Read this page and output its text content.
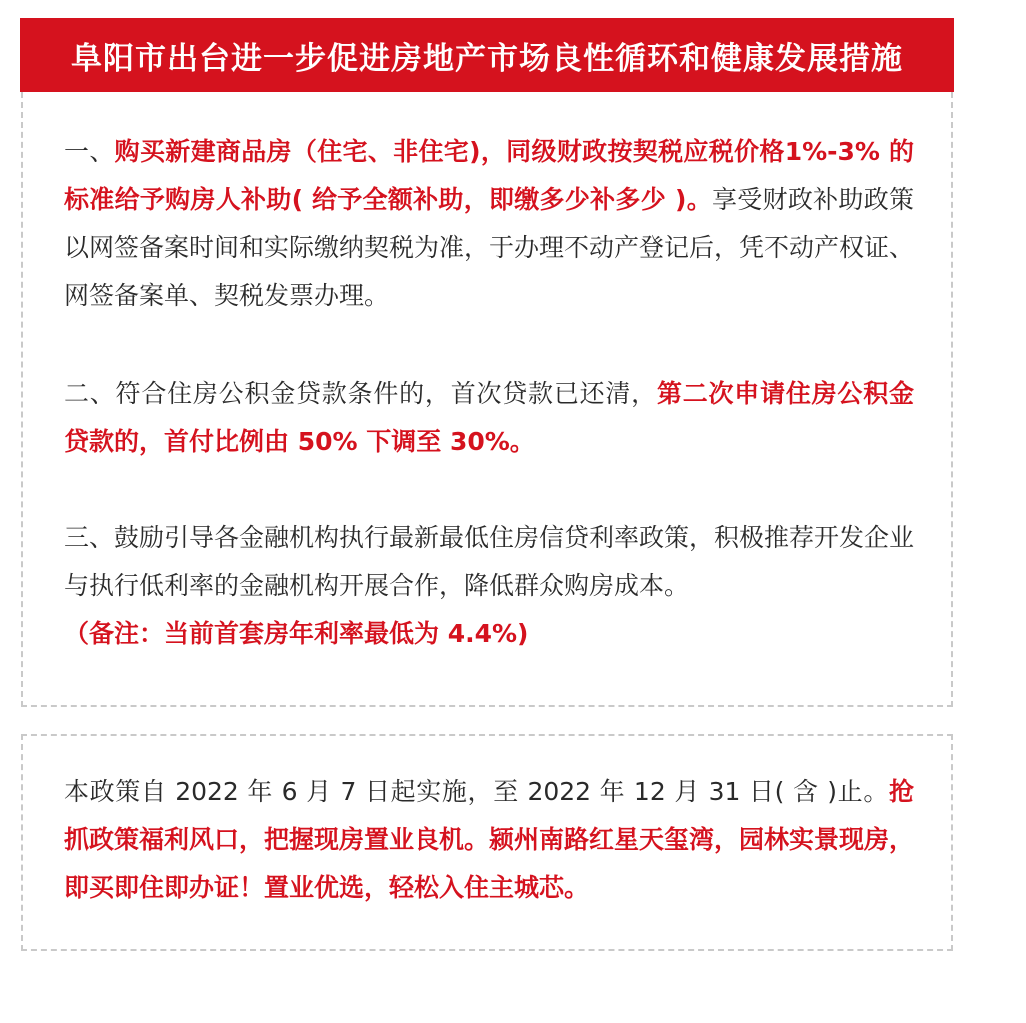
阜阳市出台进一步促进房地产市场良性循环和健康发展措施

一、购买新建商品房（住宅、非住宅)，同级财政按契税应税价格1%-3% 的标准给予购房人补助( 给予全额补助，即缴多少补多少 )。享受财政补助政策以网签备案时间和实际缴纳契税为准，于办理不动产登记后，凭不动产权证、网签备案单、契税发票办理。

二、符合住房公积金贷款条件的，首次贷款已还清，第二次申请住房公积金贷款的，首付比例由 50% 下调至 30%。

三、鼓励引导各金融机构执行最新最低住房信贷利率政策，积极推荐开发企业与执行低利率的金融机构开展合作，降低群众购房成本。
（备注：当前首套房年利率最低为 4.4%)

本政策自 2022 年 6 月 7 日起实施，至 2022 年 12 月 31 日( 含 )止。抢抓政策福利风口，把握现房置业良机。颍州南路红星天玺湾，园林实景现房，即买即住即办证！置业优选，轻松入住主城芯。
